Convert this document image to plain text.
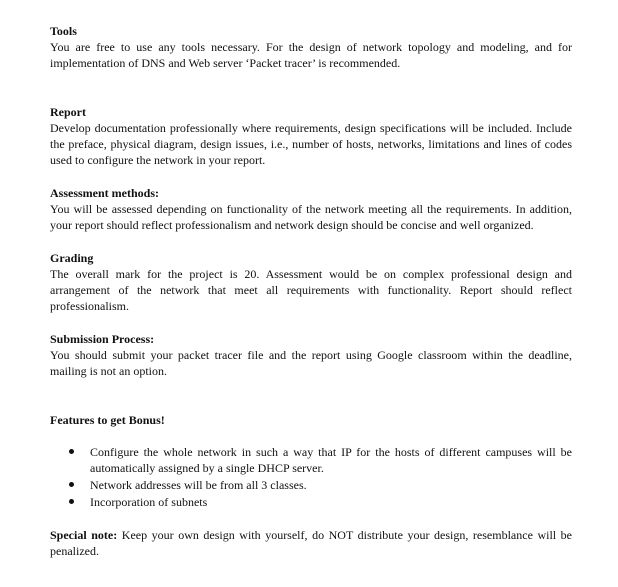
Tools

You are free to use any tools necessary. For the design of network topology and modeling, and for implementation of DNS and Web server ‘Packet tracer’ is recommended.

Report

Develop documentation professionally where requirements, design specifications will be included. Include the preface, physical diagram, design issues, i.e., number of hosts, networks, limitations and lines of codes used to configure the network in your report.

Assessment methods:

You will be assessed depending on functionality of the network meeting all the requirements. In addition, your report should reflect professionalism and network design should be concise and well organized.

Grading

The overall mark for the project is 20. Assessment would be on complex professional design and arrangement of the network that meet all requirements with functionality. Report should reflect professionalism.

Submission Process:

You should submit your packet tracer file and the report using Google classroom within the deadline, mailing is not an option.

Features to get Bonus!

Configure the whole network in such a way that IP for the hosts of different campuses will be automatically assigned by a single DHCP server.
Network addresses will be from all 3 classes.
Incorporation of subnets

Special note: Keep your own design with yourself, do NOT distribute your design, resemblance will be penalized.
